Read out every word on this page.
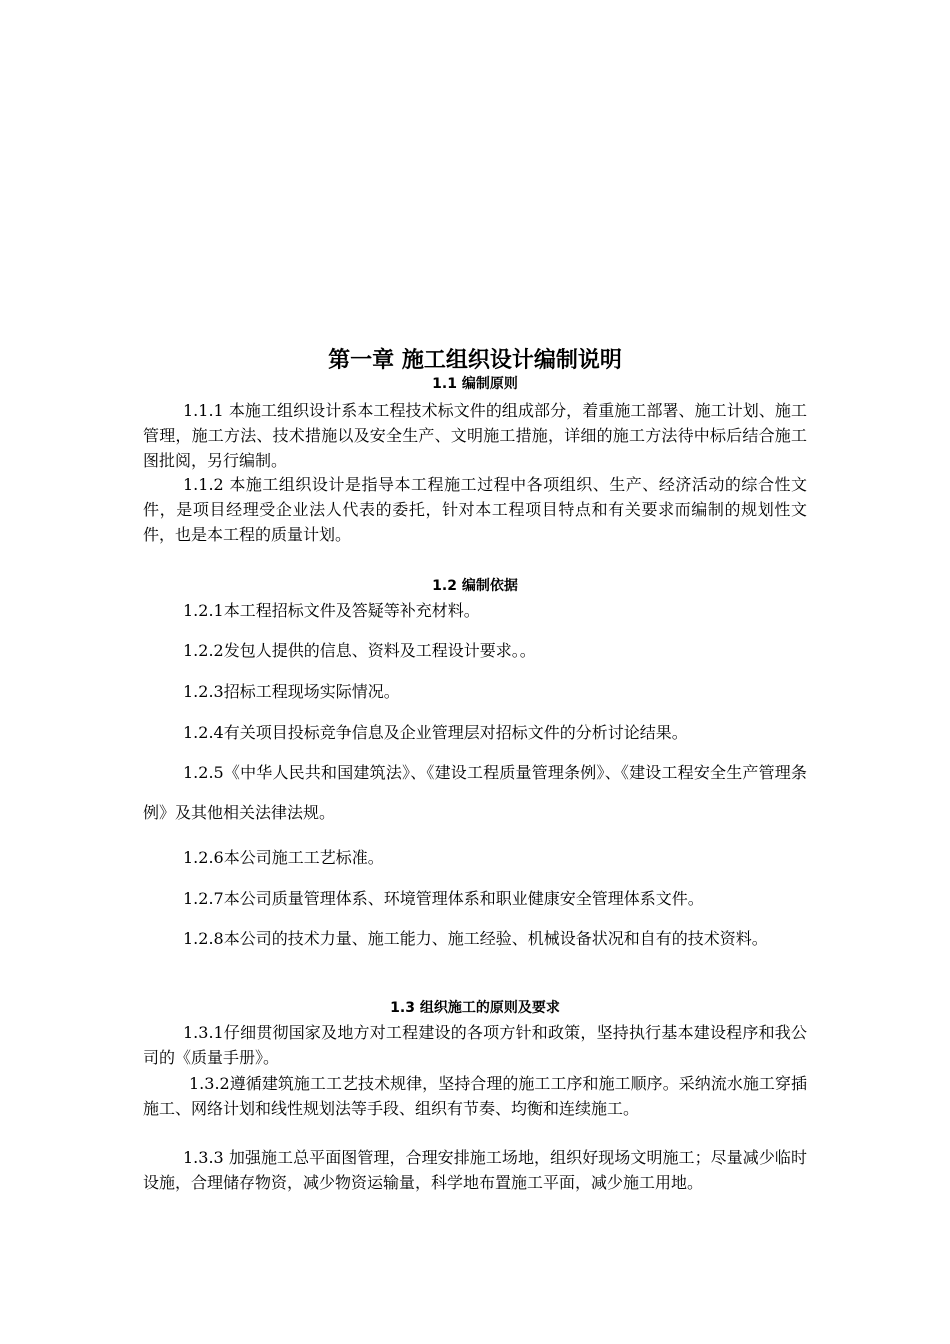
第一章 施工组织设计编制说明
1.1 编制原则

1.1.1 本施工组织设计系本工程技术标文件的组成部分，着重施工部署、施工计划、施工管理，施工方法、技术措施以及安全生产、文明施工措施，详细的施工方法待中标后结合施工图批阅，另行编制。

1.1.2 本施工组织设计是指导本工程施工过程中各项组织、生产、经济活动的综合性文件，是项目经理受企业法人代表的委托，针对本工程项目特点和有关要求而编制的规划性文件，也是本工程的质量计划。

1.2 编制依据

1.2.1本工程招标文件及答疑等补充材料。

1.2.2发包人提供的信息、资料及工程设计要求。。

1.2.3招标工程现场实际情况。

1.2.4有关项目投标竞争信息及企业管理层对招标文件的分析讨论结果。

1.2.5《中华人民共和国建筑法》、《建设工程质量管理条例》、《建设工程安全生产管理条例》及其他相关法律法规。

1.2.6本公司施工工艺标准。

1.2.7本公司质量管理体系、环境管理体系和职业健康安全管理体系文件。

1.2.8本公司的技术力量、施工能力、施工经验、机械设备状况和自有的技术资料。

1.3 组织施工的原则及要求

1.3.1仔细贯彻国家及地方对工程建设的各项方针和政策，坚持执行基本建设程序和我公司的《质量手册》。

1.3.2遵循建筑施工工艺技术规律，坚持合理的施工工序和施工顺序。采纳流水施工穿插施工、网络计划和线性规划法等手段、组织有节奏、均衡和连续施工。

1.3.3 加强施工总平面图管理，合理安排施工场地，组织好现场文明施工；尽量减少临时设施，合理储存物资，减少物资运输量，科学地布置施工平面，减少施工用地。
